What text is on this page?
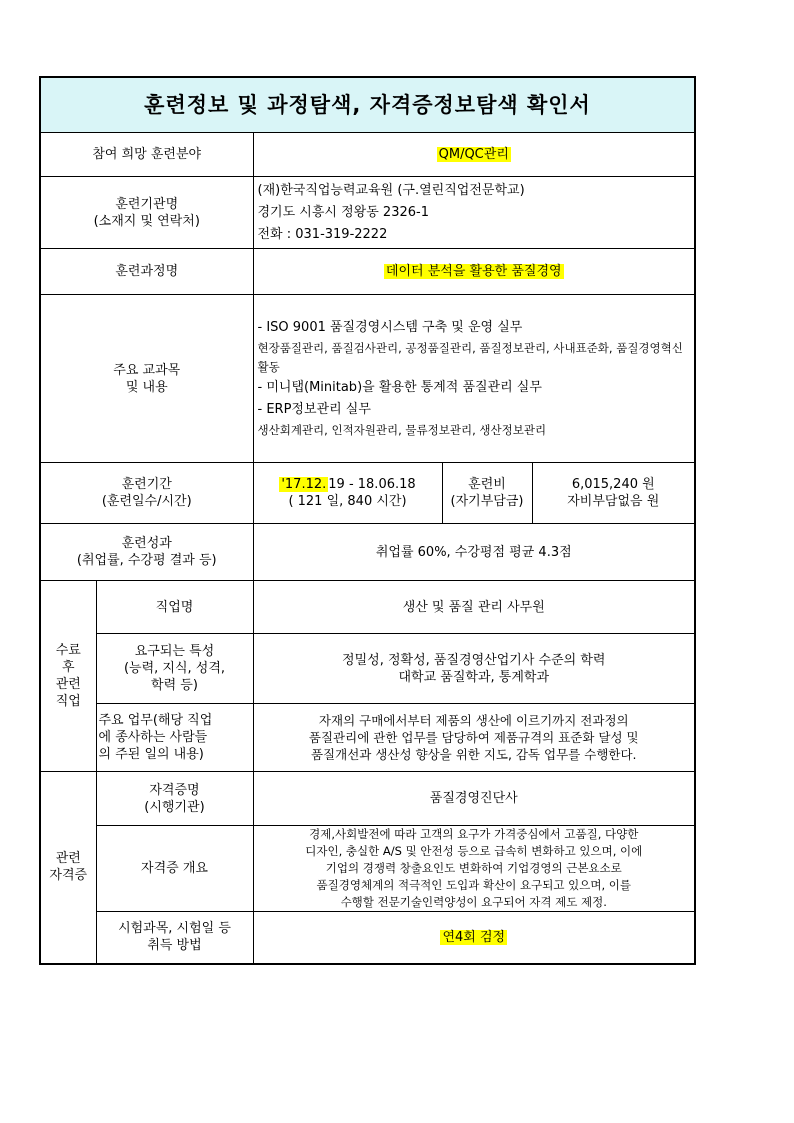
훈련정보 및 과정탐색, 자격증정보탐색 확인서				
참여 희망 훈련분야		QM/QC관리		

훈련기관명
(소재지 및 연락처)		(재)한국직업능력교육원 (구.열린직업전문학교)
경기도 시흥시 정왕동 2326-1
전화 : 031-319-2222		

훈련과정명		데이터 분석을 활용한 품질경영		

주요 교과목
및 내용		- ISO 9001 품질경영시스템 구축 및 운영 실무
현장품질관리, 품질검사관리, 공정품질관리, 품질정보관리, 사내표준화, 품질경영혁신활동
- 미니탭(Minitab)을 활용한 통계적 품질관리 실무
- ERP정보관리 실무
생산회계관리, 인적자원관리, 물류정보관리, 생산정보관리		

훈련기간
(훈련일수/시간)		'17.12. 19 - 18.06.18
( 121 일, 840 시간)	훈련비
(자기부담금)	6,015,240 원
자비부담없음 원

훈련성과
(취업률, 수강평 결과 등)		취업률 60%, 수강평점 평균 4.3점		

수료
후
관련
직업	직업명	생산 및 품질 관리 사무원		

	요구되는 특성
(능력, 지식, 성격,
학력 등)	정밀성, 정확성, 품질경영산업기사 수준의 학력
대학교 품질학과, 통계학과		

	주요 업무(해당 직업
에 종사하는 사람들
의 주된 일의 내용)	자재의 구매에서부터 제품의 생산에 이르기까지 전과정의
품질관리에 관한 업무를 담당하여 제품규격의 표준화 달성 및
품질개선과 생산성 향상을 위한 지도, 감독 업무를 수행한다.		

관련
자격증	자격증명
(시행기관)	품질경영진단사		
	자격증 개요	경제,사회발전에 따라 고객의 요구가 가격중심에서 고품질, 다양한
디자인, 충실한 A/S 및 안전성 등으로 급속히 변화하고 있으며, 이에
기업의 경쟁력 창출요인도 변화하여 기업경영의 근본요소로
품질경영체계의 적극적인 도입과 확산이 요구되고 있으며, 이를
수행할 전문기술인력양성이 요구되어 자격 제도 제정.		

	시험과목, 시험일 등
취득 방법	연4회 검정		
